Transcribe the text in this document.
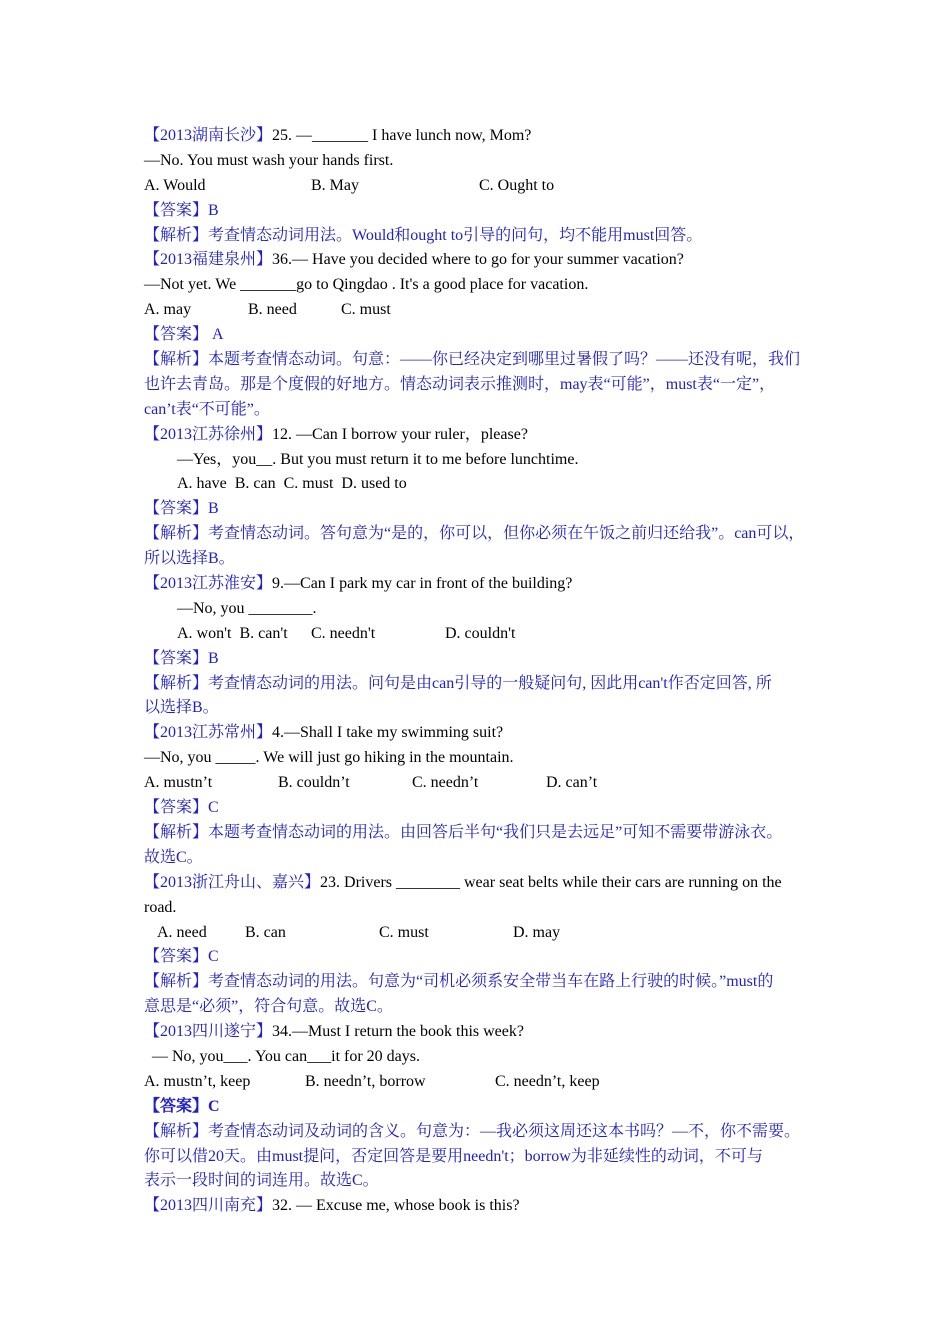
【2013湖南长沙】25. —_______ I have lunch now, Mom?
—No. You must wash your hands first.
A. Would	B. May	C. Ought to
【答案】B
【解析】考查情态动词用法。Would和ought to引导的问句，均不能用must回答。
【2013福建泉州】36.— Have you decided where to go for your summer vacation?
—Not yet. We _______go to Qingdao . It's a good place for vacation.
A. may	B. need	C. must
【答案】 A
【解析】本题考查情态动词。句意：——你已经决定到哪里过暑假了吗？——还没有呢，我们
也许去青岛。那是个度假的好地方。情态动词表示推测时，may表“可能”，must表“一定”，
can’t表“不可能”。
【2013江苏徐州】12. —Can I borrow your ruler，please?
—Yes，you__. But you must return it to me before lunchtime.
A. have  B. can  C. must  D. used to
【答案】B
【解析】考查情态动词。答句意为“是的，你可以，但你必须在午饭之前归还给我”。can可以，
所以选择B。
【2013江苏淮安】9.—Can I park my car in front of the building?
—No, you ________.
A. won't  B. can't C. needn't	D. couldn't
【答案】B
【解析】考查情态动词的用法。问句是由can引导的一般疑问句, 因此用can't作否定回答, 所
以选择B。
【2013江苏常州】4.—Shall I take my swimming suit?
—No, you _____. We will just go hiking in the mountain.
A. mustn’t	B. couldn’t	C. needn’t	D. can’t
【答案】C
【解析】本题考查情态动词的用法。由回答后半句“我们只是去远足”可知不需要带游泳衣。
故选C。
【2013浙江舟山、嘉兴】23. Drivers ________ wear seat belts while their cars are running on the
road.
A. need B. can	C. must	D. may
【答案】C
【解析】考查情态动词的用法。句意为“司机必须系安全带当车在路上行驶的时候。”must的
意思是“必须”，符合句意。故选C。
【2013四川遂宁】34.—Must I return the book this week?
— No, you___. You can___it for 20 days.
A. mustn’t, keep	B. needn’t, borrow	C. needn’t, keep
【答案】C
【解析】考查情态动词及动词的含义。句意为：—我必须这周还这本书吗？—不，你不需要。
你可以借20天。由must提问，否定回答是要用needn't；borrow为非延续性的动词，不可与
表示一段时间的词连用。故选C。
【2013四川南充】32. — Excuse me, whose book is this?
